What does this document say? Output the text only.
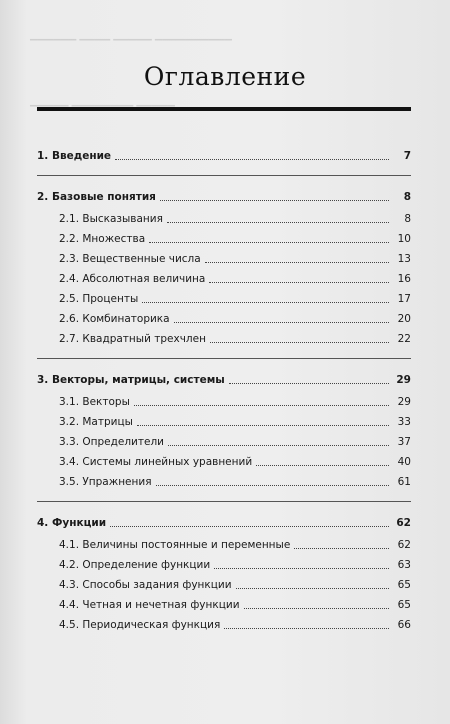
▁▁▁▁▁▁ ▁▁▁▁ ▁▁▁▁▁ ▁▁▁▁▁▁▁▁▁▁
▁▁▁▁▁ ▁▁▁▁▁▁▁▁ ▁▁▁▁▁
Оглавление
1. Введение	7
2. Базовые понятия	8
2.1. Высказывания	8
2.2. Множества	10
2.3. Вещественные числа	13
2.4. Абсолютная величина	16
2.5. Проценты	17
2.6. Комбинаторика	20
2.7. Квадратный трехчлен	22
3. Векторы, матрицы, системы	29
3.1. Векторы	29
3.2. Матрицы	33
3.3. Определители	37
3.4. Системы линейных уравнений	40
3.5. Упражнения	61
4. Функции	62
4.1. Величины постоянные и переменные	62
4.2. Определение функции	63
4.3. Способы задания функции	65
4.4. Четная и нечетная функции	65
4.5. Периодическая функция	66
